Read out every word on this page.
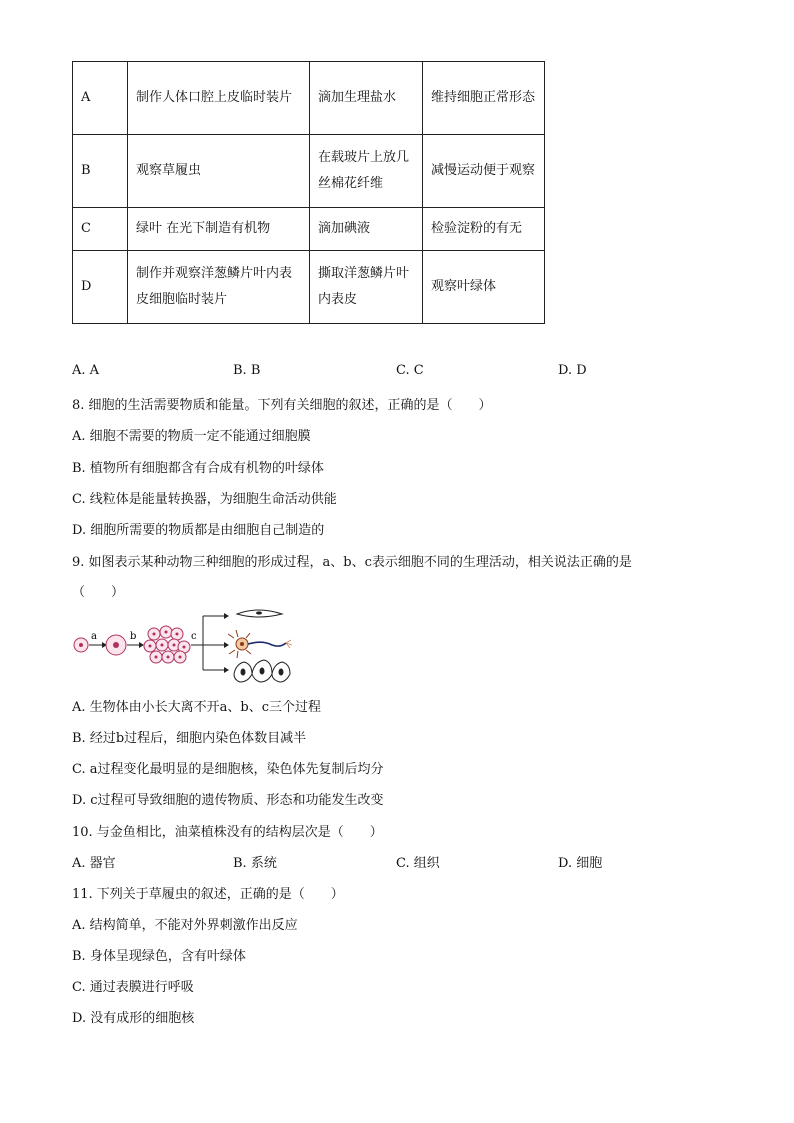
A	制作人体口腔上皮临时装片	滴加生理盐水	维持细胞正常形态
B	观察草履虫	在载玻片上放几丝棉花纤维	减慢运动便于观察
C	绿叶 在光下制造有机物	滴加碘液	检验淀粉的有无
D	制作并观察洋葱鳞片叶内表皮细胞临时装片	撕取洋葱鳞片叶内表皮	观察叶绿体
A. A	B. B	C. C	D. D
8. 细胞的生活需要物质和能量。下列有关细胞的叙述，正确的是（　　）
A. 细胞不需要的物质一定不能通过细胞膜
B. 植物所有细胞都含有合成有机物的叶绿体
C. 线粒体是能量转换器，为细胞生命活动供能
D. 细胞所需要的物质都是由细胞自己制造的
9. 如图表示某种动物三种细胞的形成过程，a、b、c表示细胞不同的生理活动，相关说法正确的是
（　　）
a	b	c
A. 生物体由小长大离不开a、b、c三个过程
B. 经过b过程后，细胞内染色体数目减半
C. a过程变化最明显的是细胞核，染色体先复制后均分
D. c过程可导致细胞的遗传物质、形态和功能发生改变
10. 与金鱼相比，油菜植株没有的结构层次是（　　）
A. 器官	B. 系统	C. 组织	D. 细胞
11. 下列关于草履虫的叙述，正确的是（　　）
A. 结构简单，不能对外界刺激作出反应
B. 身体呈现绿色，含有叶绿体
C. 通过表膜进行呼吸
D. 没有成形的细胞核
